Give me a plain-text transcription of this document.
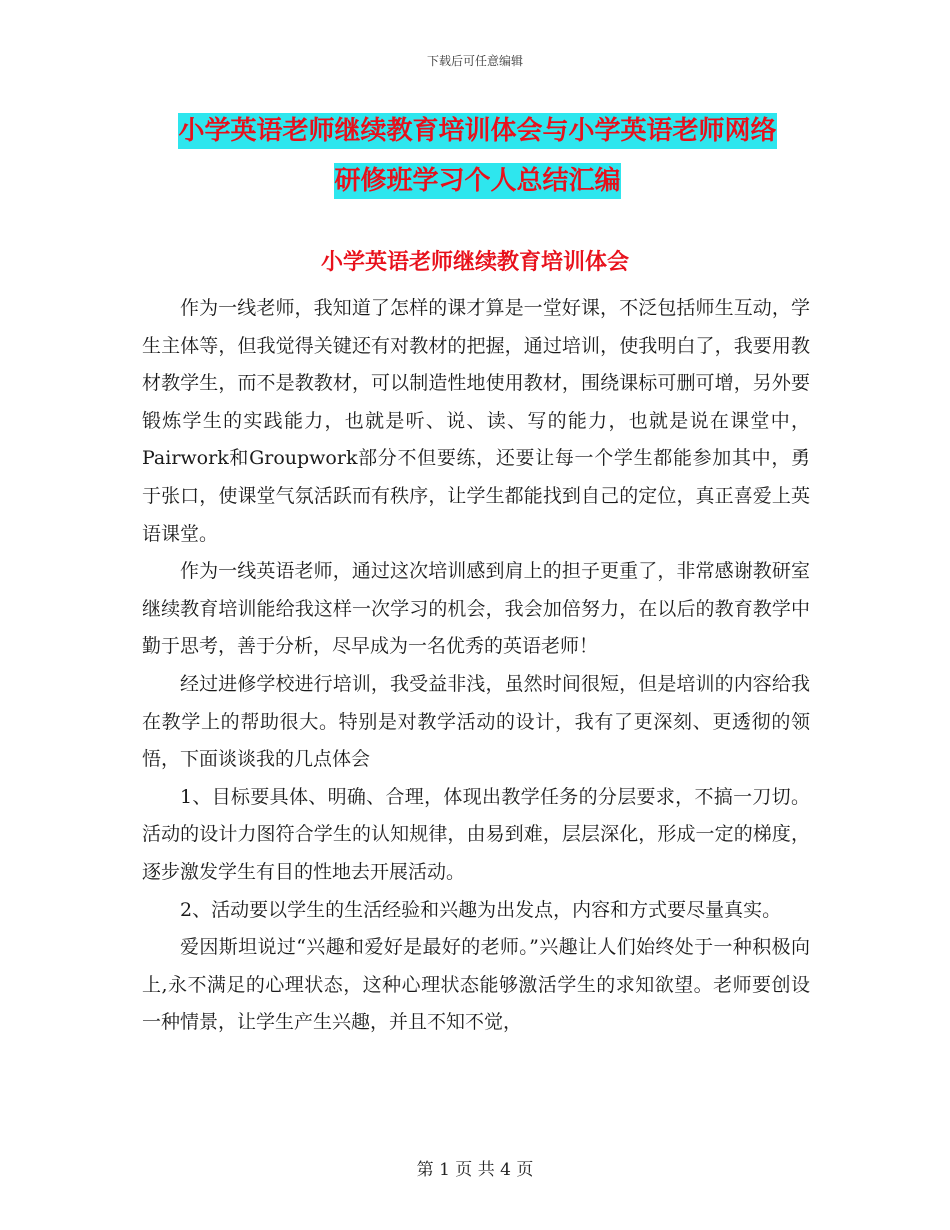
下载后可任意编辑
小学英语老师继续教育培训体会与小学英语老师网络
研修班学习个人总结汇编
小学英语老师继续教育培训体会

作为一线老师，我知道了怎样的课才算是一堂好课，不泛包括师生互动，学生主体等，但我觉得关键还有对教材的把握，通过培训，使我明白了，我要用教材教学生，而不是教教材，可以制造性地使用教材，围绕课标可删可增，另外要锻炼学生的实践能力，也就是听、说、读、写的能力，也就是说在课堂中，Pairwork和Groupwork部分不但要练，还要让每一个学生都能参加其中，勇于张口，使课堂气氛活跃而有秩序，让学生都能找到自己的定位，真正喜爱上英语课堂。

作为一线英语老师，通过这次培训感到肩上的担子更重了，非常感谢教研室继续教育培训能给我这样一次学习的机会，我会加倍努力，在以后的教育教学中勤于思考，善于分析，尽早成为一名优秀的英语老师！

经过进修学校进行培训，我受益非浅，虽然时间很短，但是培训的内容给我在教学上的帮助很大。特别是对教学活动的设计，我有了更深刻、更透彻的领悟，下面谈谈我的几点体会

1、目标要具体、明确、合理，体现出教学任务的分层要求，不搞一刀切。活动的设计力图符合学生的认知规律，由易到难，层层深化，形成一定的梯度，逐步激发学生有目的性地去开展活动。

2、活动要以学生的生活经验和兴趣为出发点，内容和方式要尽量真实。

爱因斯坦说过“兴趣和爱好是最好的老师。”兴趣让人们始终处于一种积极向上,永不满足的心理状态，这种心理状态能够激活学生的求知欲望。老师要创设一种情景，让学生产生兴趣，并且不知不觉，

第 1 页 共 4 页
